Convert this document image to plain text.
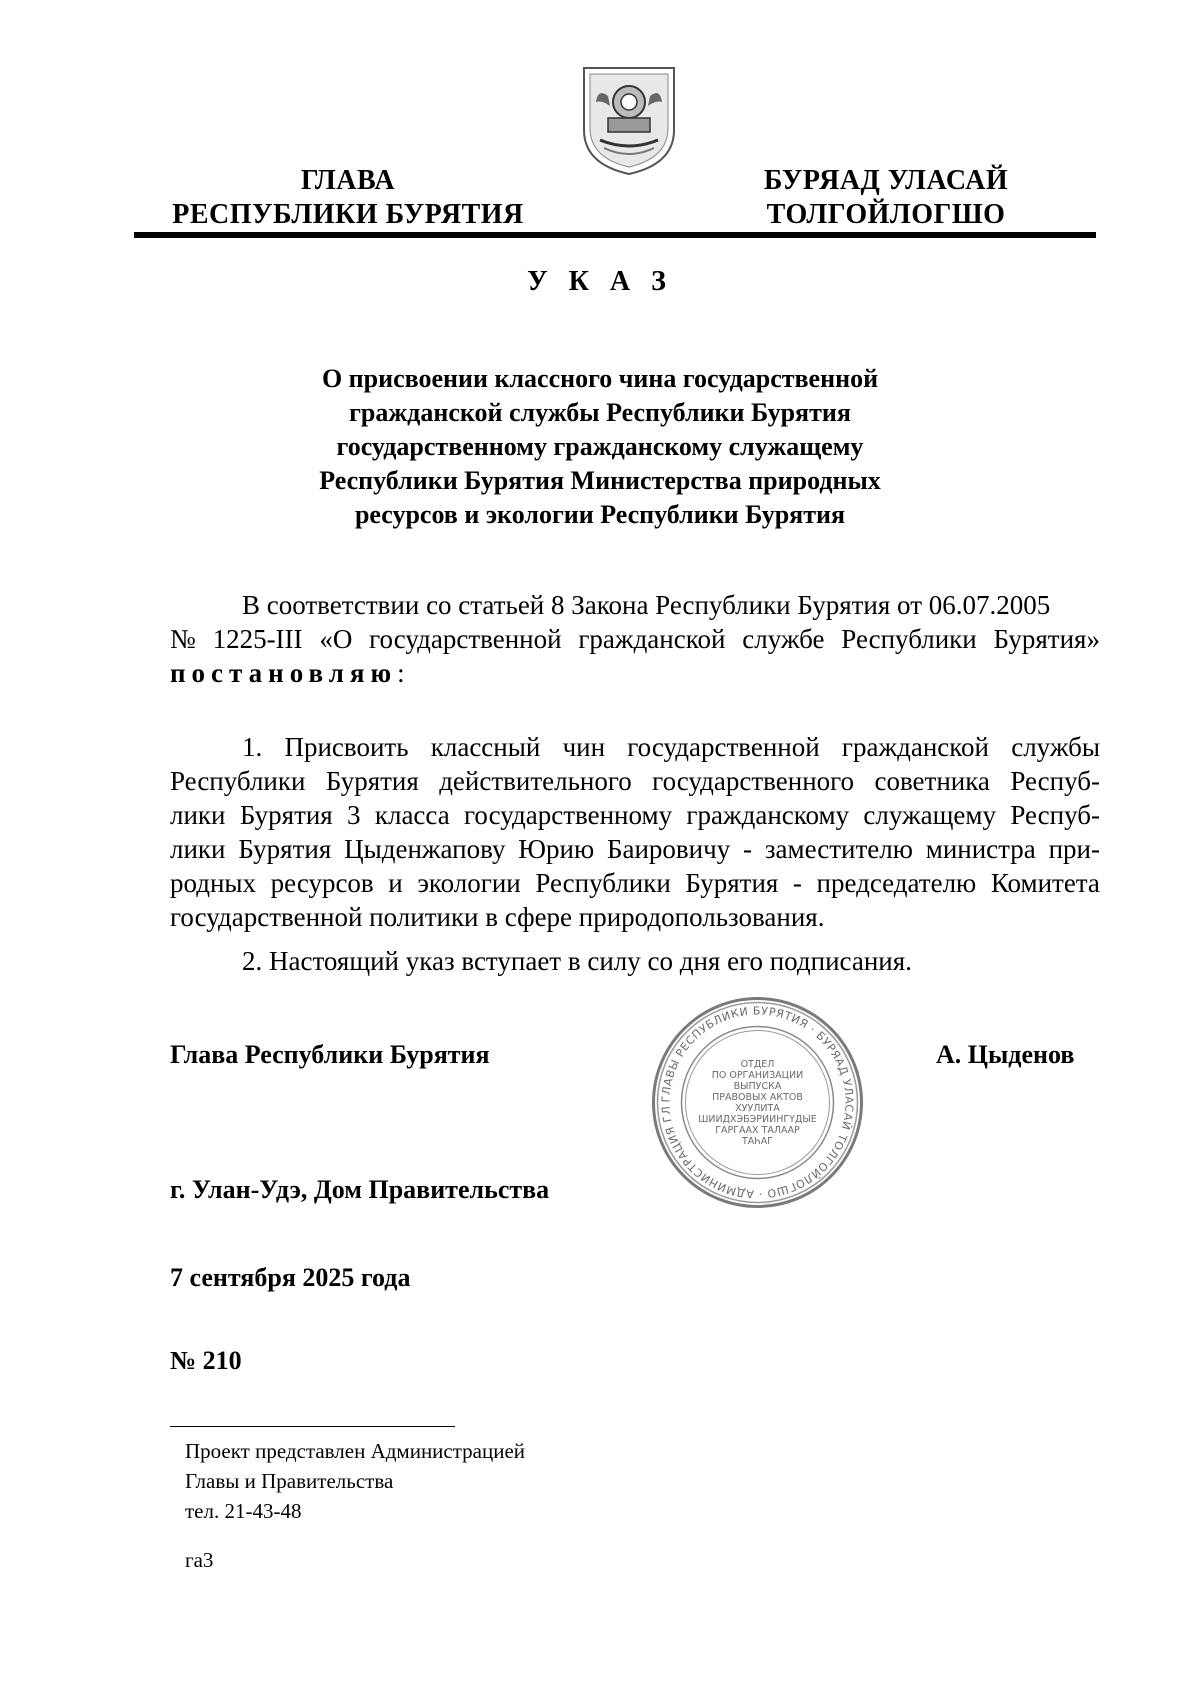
ГЛАВА
РЕСПУБЛИКИ БУРЯТИЯ
БУРЯАД УЛАСАЙ
ТОЛГОЙЛОГШО
У К А З
О присвоении классного чина государственной
гражданской службы Республики Бурятия
государственному гражданскому служащему
Республики Бурятия Министерства природных
ресурсов и экологии Республики Бурятия
В соответствии со статьей 8 Закона Республики Бурятия от 06.07.2005
№ 1225-III «О государственной гражданской службе Республики Бурятия»
постановляю:
1. Присвоить классный чин государственной гражданской службы
Республики Бурятия действительного государственного советника Респуб-
лики Бурятия 3 класса государственному гражданскому служащему Респуб-
лики Бурятия Цыденжапову Юрию Баировичу - заместителю министра при-
родных ресурсов и экологии Республики Бурятия - председателю Комитета
государственной политики в сфере природопользования.
2. Настоящий указ вступает в силу со дня его подписания.
Глава Республики Бурятия	А. Цыденов
ГЛАВЫ РЕСПУБЛИКИ БУРЯТИЯ · БУРЯАД УЛАСАЙ ТОЛГОЙЛОГШО · АДМИНИСТРАЦИЯ ГЛ
ОТДЕЛ
ПО ОРГАНИЗАЦИИ
ВЫПУСКА
ПРАВОВЫХ АКТОВ
ХУУЛИТА
ШИИДХЭБЭРИИНГҮДЫЕ
ГАРГААХ ТАЛААР
ТАҺАГ
г. Улан-Удэ, Дом Правительства
7 сентября 2025 года
№ 210
Проект представлен Администрацией
Главы и Правительства
тел. 21-43-48
га3
